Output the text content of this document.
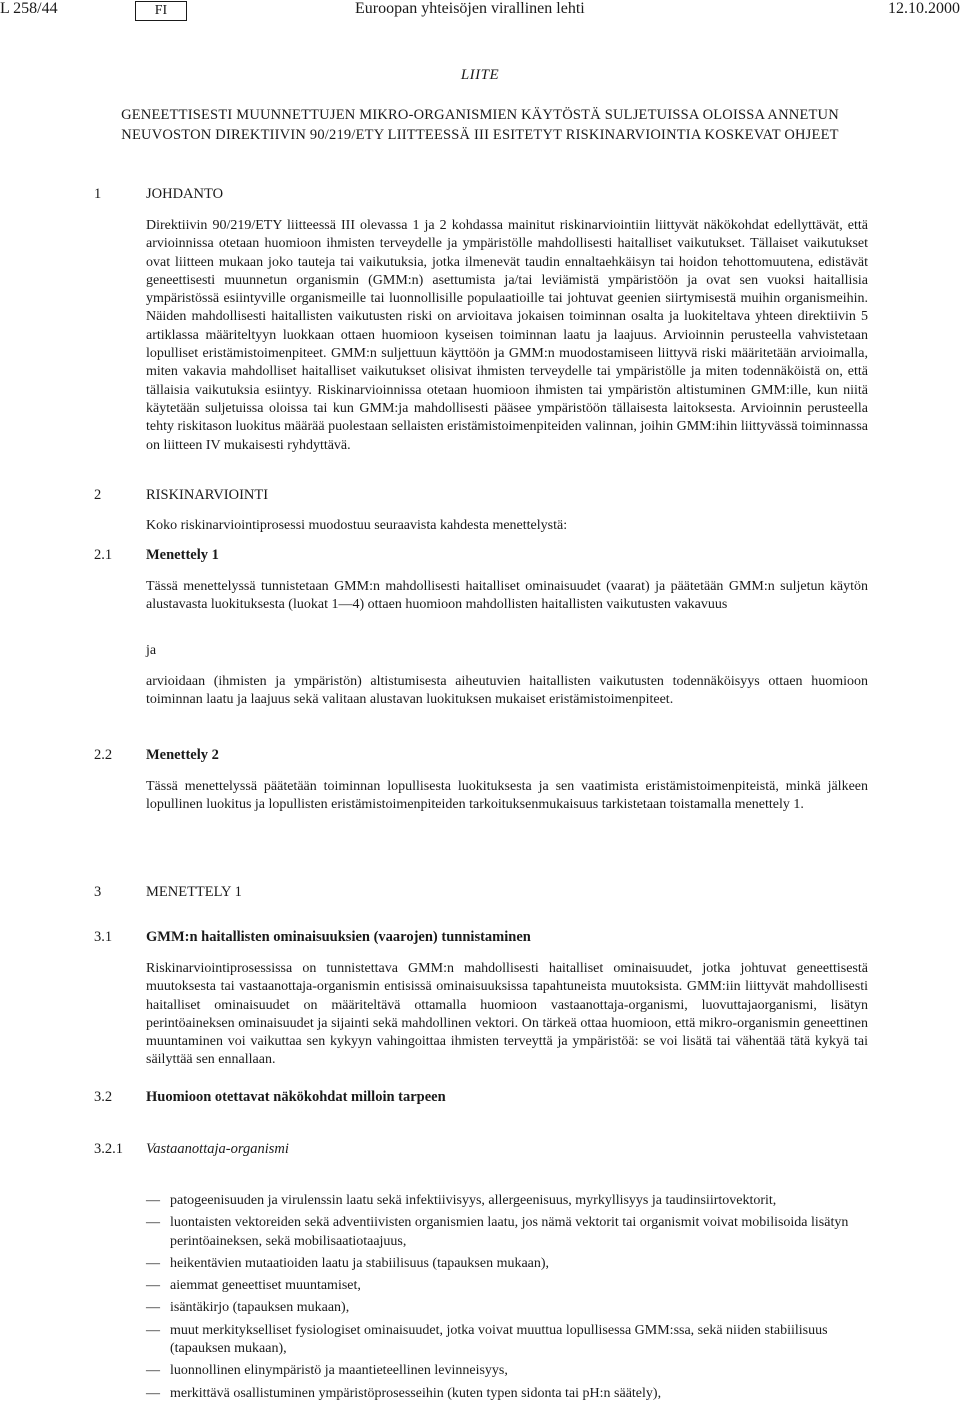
L 258/44	FI	Euroopan yhteisöjen virallinen lehti	12.10.2000
LIITE
GENEETTISESTI MUUNNETTUJEN MIKRO-ORGANISMIEN KÄYTÖSTÄ SULJETUISSA OLOISSA ANNETUN
NEUVOSTON DIREKTIIVIN 90/219/ETY LIITTEESSÄ III ESITETYT RISKINARVIOINTIA KOSKEVAT OHJEET
1	JOHDANTO
Direktiivin 90/219/ETY liitteessä III olevassa 1 ja 2 kohdassa mainitut riskinarviointiin liittyvät näkökohdat edellyttävät, että arvioinnissa otetaan huomioon ihmisten terveydelle ja ympäristölle mahdollisesti haitalliset vaikutukset. Tällaiset vaikutukset ovat liitteen mukaan joko tauteja tai vaikutuksia, jotka ilmenevät taudin ennaltaehkäisyn tai hoidon tehottomuutena, edistävät geneettisesti muunnetun organismin (GMM:n) asettumista ja/tai leviämistä ympäristöön ja ovat sen vuoksi haitallisia ympäristössä esiintyville organismeille tai luonnollisille populaatioille tai johtuvat geenien siirtymisestä muihin organismeihin. Näiden mahdollisesti haitallisten vaikutusten riski on arvioitava jokaisen toiminnan osalta ja luokiteltava yhteen direktiivin 5 artiklassa määriteltyyn luokkaan ottaen huomioon kyseisen toiminnan laatu ja laajuus. Arvioinnin perusteella vahvistetaan lopulliset eristämistoimenpiteet. GMM:n suljettuun käyttöön ja GMM:n muodostamiseen liittyvä riski määritetään arvioimalla, miten vakavia mahdolliset haitalliset vaikutukset olisivat ihmisten terveydelle tai ympäristölle ja miten todennäköistä on, että tällaisia vaikutuksia esiintyy. Riskinarvioinnissa otetaan huomioon ihmisten tai ympäristön altistuminen GMM:ille, kun niitä käytetään suljetuissa oloissa tai kun GMM:ja mahdollisesti pääsee ympäristöön tällaisesta laitoksesta. Arvioinnin perusteella tehty riskitason luokitus määrää puolestaan sellaisten eristämistoimenpiteiden valinnan, joihin GMM:ihin liittyvässä toiminnassa on liitteen IV mukaisesti ryhdyttävä.
2	RISKINARVIOINTI
Koko riskinarviointiprosessi muodostuu seuraavista kahdesta menettelystä:
2.1 Menettely 1
Tässä menettelyssä tunnistetaan GMM:n mahdollisesti haitalliset ominaisuudet (vaarat) ja päätetään GMM:n suljetun käytön alustavasta luokituksesta (luokat 1—4) ottaen huomioon mahdollisten haitallisten vaikutusten vakavuus
ja
arvioidaan (ihmisten ja ympäristön) altistumisesta aiheutuvien haitallisten vaikutusten todennäköisyys ottaen huomioon toiminnan laatu ja laajuus sekä valitaan alustavan luokituksen mukaiset eristämistoimenpiteet.
2.2 Menettely 2
Tässä menettelyssä päätetään toiminnan lopullisesta luokituksesta ja sen vaatimista eristämistoimenpiteistä, minkä jälkeen lopullinen luokitus ja lopullisten eristämistoimenpiteiden tarkoituksenmukaisuus tarkistetaan toistamalla menettely 1.
3	MENETTELY 1
3.1 GMM:n haitallisten ominaisuuksien (vaarojen) tunnistaminen
Riskinarviointiprosessissa on tunnistettava GMM:n mahdollisesti haitalliset ominaisuudet, jotka johtuvat geneettisestä muutoksesta tai vastaanottaja-organismin entisissä ominaisuuksissa tapahtuneista muutoksista. GMM:iin liittyvät mahdollisesti haitalliset ominaisuudet on määriteltävä ottamalla huomioon vastaanottaja-organismi, luovuttajaorganismi, lisätyn perintöaineksen ominaisuudet ja sijainti sekä mahdollinen vektori. On tärkeä ottaa huomioon, että mikro-organismin geneettinen muuntaminen voi vaikuttaa sen kykyyn vahingoittaa ihmisten terveyttä ja ympäristöä: se voi lisätä tai vähentää tätä kykyä tai säilyttää sen ennallaan.
3.2 Huomioon otettavat näkökohdat milloin tarpeen
3.2.1 Vastaanottaja-organismi
— patogeenisuuden ja virulenssin laatu sekä infektiivisyys, allergeenisuus, myrkyllisyys ja taudinsiirtovektorit,
— luontaisten vektoreiden sekä adventiivisten organismien laatu, jos nämä vektorit tai organismit voivat mobilisoida lisätyn perintöaineksen, sekä mobilisaatiotaajuus,
— heikentävien mutaatioiden laatu ja stabiilisuus (tapauksen mukaan),
— aiemmat geneettiset muuntamiset,
— isäntäkirjo (tapauksen mukaan),
— muut merkitykselliset fysiologiset ominaisuudet, jotka voivat muuttua lopullisessa GMM:ssa, sekä niiden stabiilisuus (tapauksen mukaan),
— luonnollinen elinympäristö ja maantieteellinen levinneisyys,
— merkittävä osallistuminen ympäristöprosesseihin (kuten typen sidonta tai pH:n säätely),
